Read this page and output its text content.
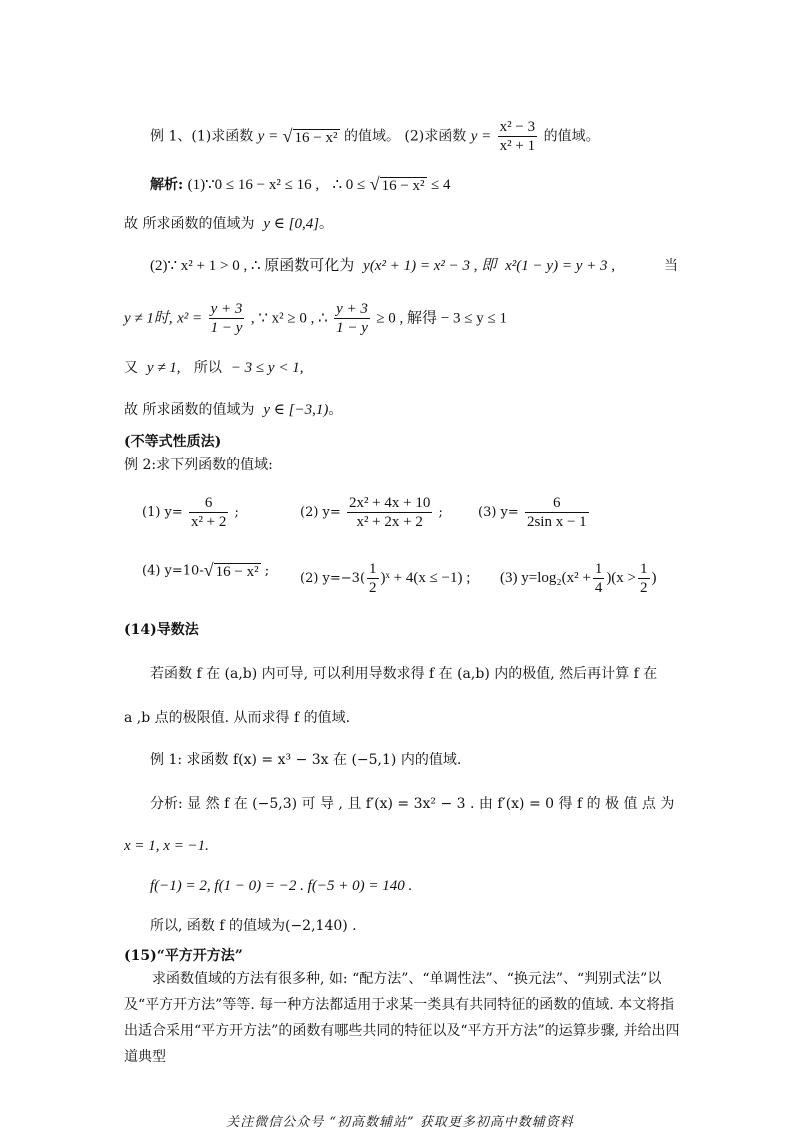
例 1、(1)求函数 y = √ 16 − x² 的值域。 (2)求函数 $y = \frac{\text{x² − 3}}{\text{x² + 1}}$ 的值域。
解析: (1)∵0 ≤ 16 − x² ≤ 16 , ∴ 0 ≤ √ 16 − x² ≤ 4
故 所求函数的值域为 y ∈ [0,4]。
(2)∵ x² + 1 > 0 , ∴ 原函数可化为 y(x² + 1) = x² − 3 , 即 x²(1 − y) = y + 3 ,	当
y ≠ 1时, $x^2 = \frac{y + 3}{1 - y}$ , ∵ x² ≥ 0 , ∴ $\frac{y + 3}{1 - y} \ge 0$ , 解得 − 3 ≤ y ≤ 1
又 y ≠ 1, 所以 − 3 ≤ y < 1,
故 所求函数的值域为 y ∈ [−3,1)。
(不等式性质法)
例 2:求下列函数的值域:
(1) $y= \frac{6}{\text{x² + 2}}$ ;	(2) $y= \frac{\text{2x² + 4x + 10}}{\text{x² + 2x + 2}}$ ;	(3) $y= \frac{6}{\text{2sin x − 1}}$
(4) y=10-√ 16 − x² ; (2) $y=-3( \frac{1}{2}$ )ˣ + 4(x ≤ −1) ; (3) $y=\log_2(x^2 + \frac{1}{4} )(x > \frac{1}{2}$ )
(14)导数法
若函数 f 在 (a,b) 内可导, 可以利用导数求得 f 在 (a,b) 内的极值, 然后再计算 f 在
a ,b 点的极限值. 从而求得 f 的值域.
例 1: 求函数 f(x) = x³ − 3x 在 (−5,1) 内的值域.
分析: 显 然 f 在 (−5,3) 可 导 , 且 f′(x) = 3x² − 3 . 由 f′(x) = 0 得 f 的 极 值 点 为
x = 1, x = −1.
f(−1) = 2, f(1 − 0) = −2 . f(−5 + 0) = 140 .
所以, 函数 f 的值域为(−2,140) .
(15)“平方开方法”
求函数值域的方法有很多种, 如: “配方法”、“单调性法”、“换元法”、“判别式法”以及“平方开方法”等等. 每一种方法都适用于求某一类具有共同特征的函数的值域. 本文将指出适合采用“平方开方法”的函数有哪些共同的特征以及“平方开方法”的运算步骤, 并给出四道典型
关注微信公众号 “初高数辅站” 获取更多初高中数辅资料
